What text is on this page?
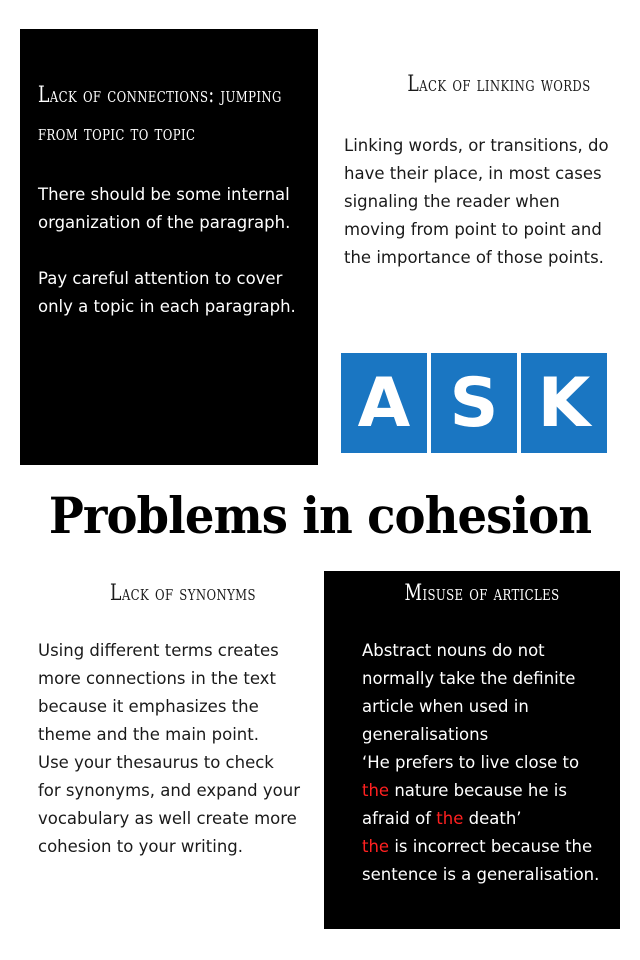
Lack of connections: jumping
from topic to topic

There should be some internal organization of the paragraph.

Pay careful attention to cover only a topic in each paragraph.

Lack of linking words

Linking words, or transitions, do have their place, in most cases signaling the reader when moving from point to point and the importance of those points.

A S K
Problems in cohesion
Lack of synonyms

Using different terms creates more connections in the text because it emphasizes the theme and the main point.

Use your thesaurus to check for synonyms, and expand your vocabulary as well create more cohesion to your writing.

Misuse of articles

Abstract nouns do not normally take the definite article when used in generalisations

‘He prefers to live close to the nature because he is afraid of the death’

the is incorrect because the sentence is a generalisation.
